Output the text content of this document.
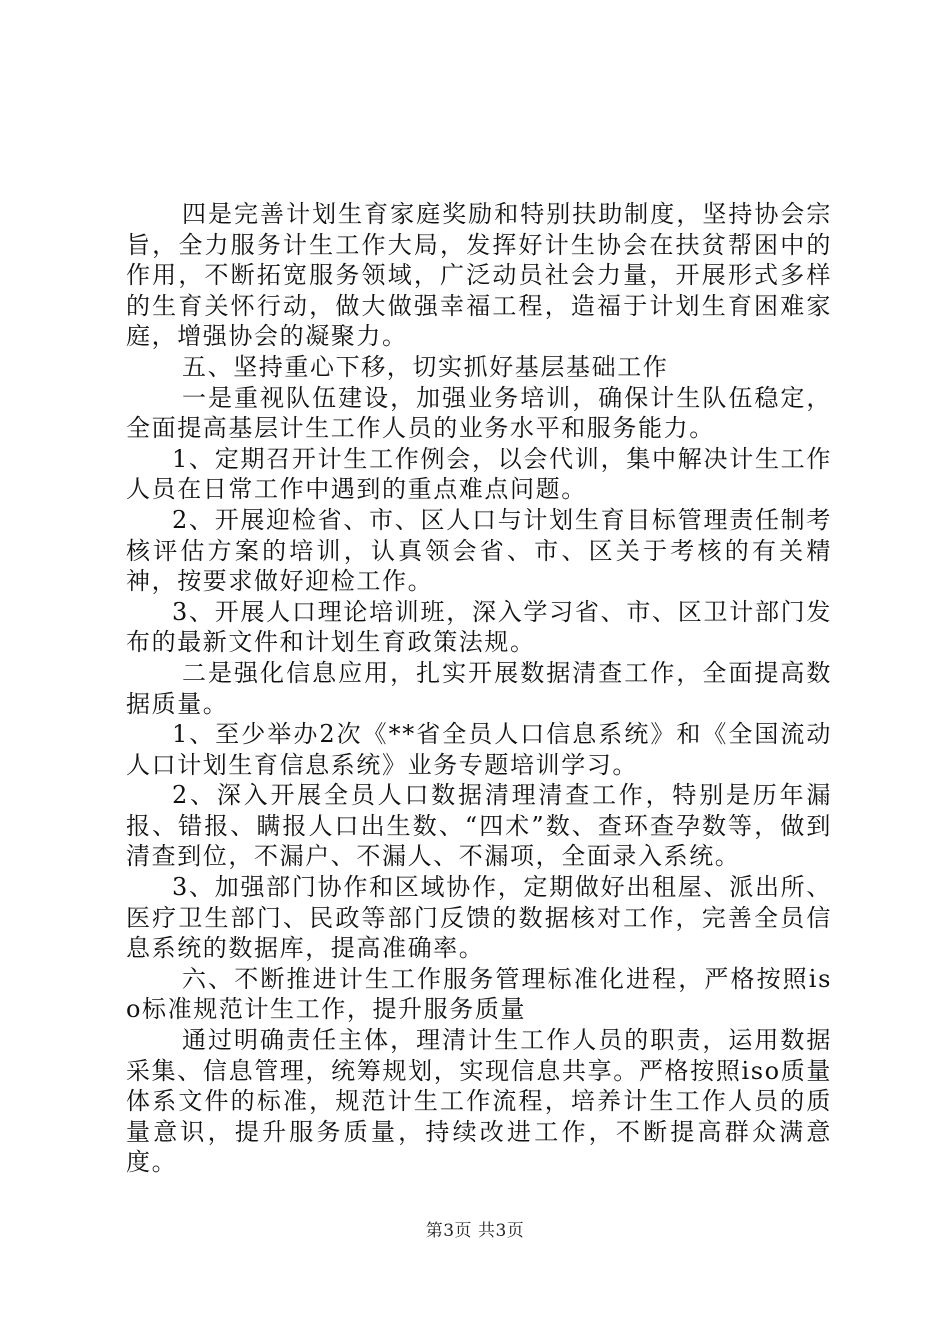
四是完善计划生育家庭奖励和特别扶助制度，坚持协会宗旨，全力服务计生工作大局，发挥好计生协会在扶贫帮困中的作用，不断拓宽服务领域，广泛动员社会力量，开展形式多样的生育关怀行动，做大做强幸福工程，造福于计划生育困难家庭，增强协会的凝聚力。

五、坚持重心下移，切实抓好基层基础工作

一是重视队伍建设，加强业务培训，确保计生队伍稳定，全面提高基层计生工作人员的业务水平和服务能力。

1、定期召开计生工作例会，以会代训，集中解决计生工作人员在日常工作中遇到的重点难点问题。

2、开展迎检省、市、区人口与计划生育目标管理责任制考核评估方案的培训，认真领会省、市、区关于考核的有关精神，按要求做好迎检工作。

3、开展人口理论培训班，深入学习省、市、区卫计部门发布的最新文件和计划生育政策法规。

二是强化信息应用，扎实开展数据清查工作，全面提高数据质量。

1、至少举办2次《**省全员人口信息系统》和《全国流动人口计划生育信息系统》业务专题培训学习。

2、深入开展全员人口数据清理清查工作，特别是历年漏报、错报、瞒报人口出生数、“四术”数、查环查孕数等，做到清查到位，不漏户、不漏人、不漏项，全面录入系统。

3、加强部门协作和区域协作，定期做好出租屋、派出所、医疗卫生部门、民政等部门反馈的数据核对工作，完善全员信息系统的数据库，提高准确率。

六、不断推进计生工作服务管理标准化进程，严格按照iso标准规范计生工作，提升服务质量

通过明确责任主体，理清计生工作人员的职责，运用数据采集、信息管理，统筹规划，实现信息共享。严格按照iso质量体系文件的标准，规范计生工作流程，培养计生工作人员的质量意识，提升服务质量，持续改进工作，不断提高群众满意度。

第3页 共3页
